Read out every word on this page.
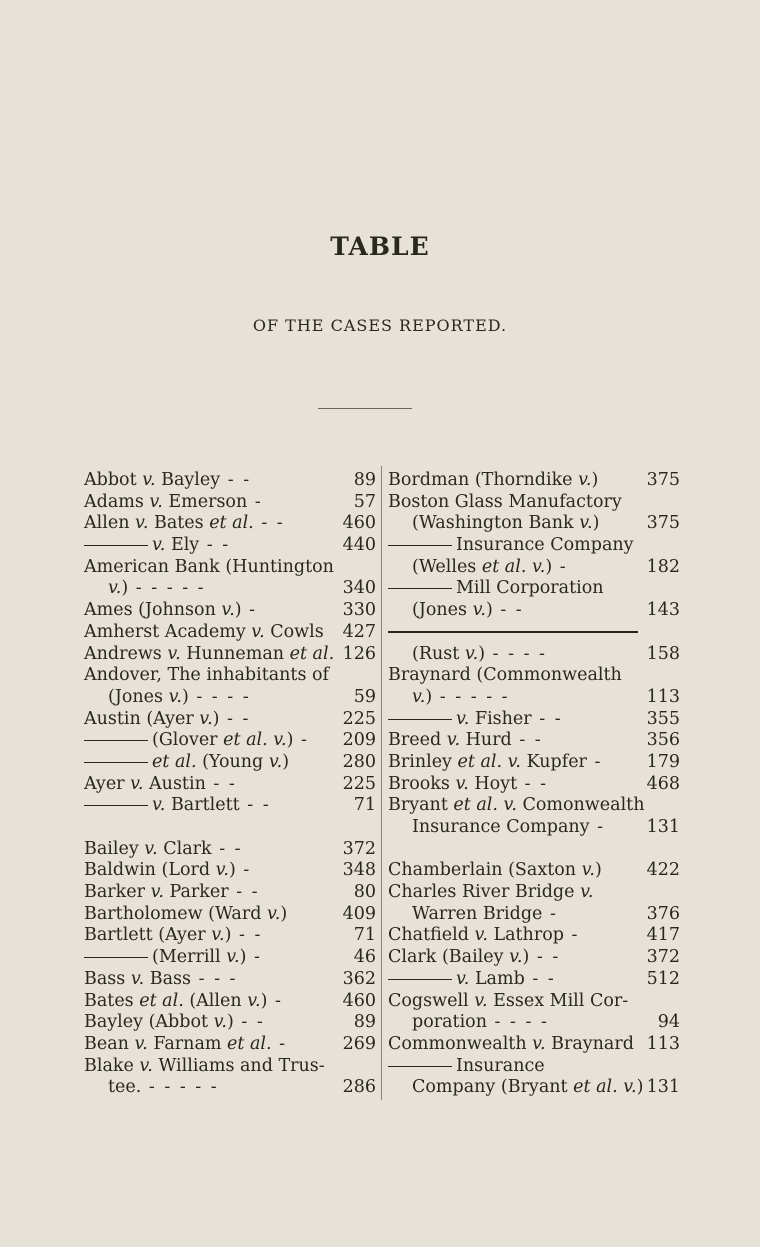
TABLE
OF THE CASES REPORTED.
Abbot v. Bayley - -	89
Adams v. Emerson -	57
Allen v. Bates et al. - -	460
v. Ely - -	440
American Bank (Huntington
v.) - - - - -	340
Ames (Johnson v.) -	330
Amherst Academy v. Cowls 427
Andrews v. Hunneman et al. 126
Andover, The inhabitants of
(Jones v.) - - - -	59
Austin (Ayer v.) - -	225
(Glover et al. v.) - 209
et al. (Young v.)	280
Ayer v. Austin - -	225
v. Bartlett - -	71
Bailey v. Clark - -	372
Baldwin (Lord v.) -	348
Barker v. Parker - -	80
Bartholomew (Ward v.)	409
Bartlett (Ayer v.) - -	71
(Merrill v.) -	46
Bass v. Bass - - -	362
Bates et al. (Allen v.) -	460
Bayley (Abbot v.) - -	89
Bean v. Farnam et al. -	269
Blake v. Williams and Trus-
tee. - - - - -	286
Bordman (Thorndike v.)	375
Boston Glass Manufactory
(Washington Bank v.)	375
Insurance Company
(Welles et al. v.) -	182
Mill Corporation
(Jones v.) - -	143
(Rust v.) - - - -	158
Braynard (Commonwealth
v.) - - - - -	113
v. Fisher - -	355
Breed v. Hurd - -	356
Brinley et al. v. Kupfer -	179
Brooks v. Hoyt - -	468
Bryant et al. v. Comonwealth
Insurance Company - 131
Chamberlain (Saxton v.)	422
Charles River Bridge v.
Warren Bridge -	376
Chatfield v. Lathrop -	417
Clark (Bailey v.) - -	372
v. Lamb - -	512
Cogswell v. Essex Mill Cor-
poration - - - -	94
Commonwealth v. Braynard 113
Insurance
Company (Bryant et al. v.) 131
